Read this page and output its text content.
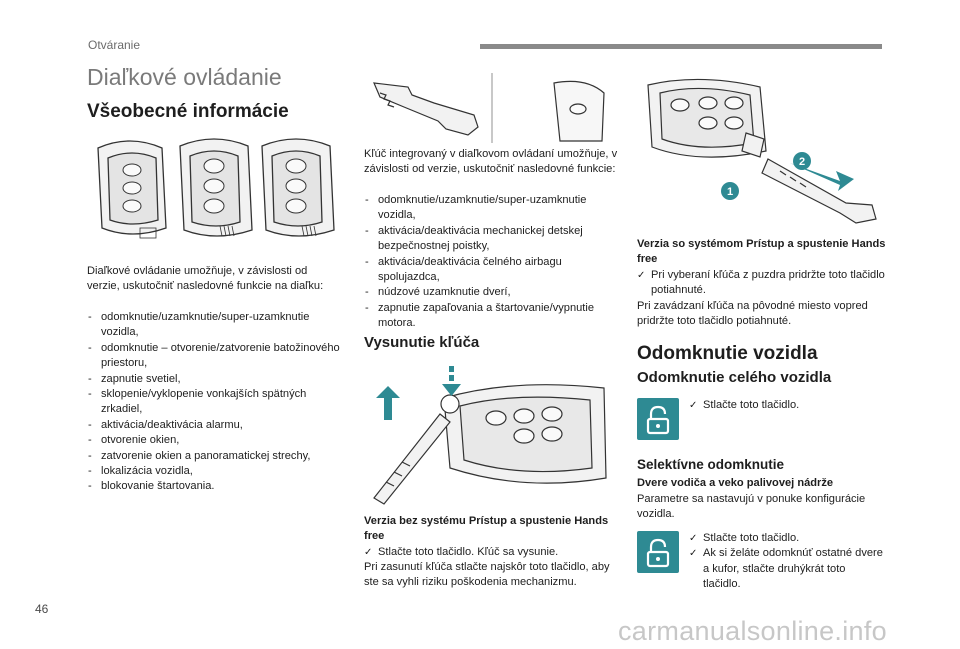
Otváranie
Diaľkové ovládanie
Všeobecné informácie
Diaľkové ovládanie umožňuje, v závislosti od verzie, uskutočniť nasledovné funkcie na diaľku:
- odomknutie/uzamknutie/super-uzamknutie vozidla,
- odomknutie – otvorenie/zatvorenie batožinového priestoru,
- zapnutie svetiel,
- sklopenie/vyklopenie vonkajších spätných zrkadiel,
- aktivácia/deaktivácia alarmu,
- otvorenie okien,
- zatvorenie okien a panoramatickej strechy,
- lokalizácia vozidla,
- blokovanie štartovania.
Kľúč integrovaný v diaľkovom ovládaní umožňuje, v závislosti od verzie, uskutočniť nasledovné funkcie:
- odomknutie/uzamknutie/super-uzamknutie vozidla,
- aktivácia/deaktivácia mechanickej detskej bezpečnostnej poistky,
- aktivácia/deaktivácia čelného airbagu spolujazdca,
- núdzové uzamknutie dverí,
- zapnutie zapaľovania a štartovanie/vypnutie motora.
Vysunutie kľúča
Verzia bez systému Prístup a spustenie Hands free
✓ Stlačte toto tlačidlo. Kľúč sa vysunie.
Pri zasunutí kľúča stlačte najskôr toto tlačidlo, aby ste sa vyhli riziku poškodenia mechanizmu.
1
2
Verzia so systémom Prístup a spustenie Hands free
✓ Pri vyberaní kľúča z puzdra pridržte toto tlačidlo potiahnuté.
Pri zavádzaní kľúča na pôvodné miesto vopred pridržte toto tlačidlo potiahnuté.
Odomknutie vozidla
Odomknutie celého vozidla
✓ Stlačte toto tlačidlo.
Selektívne odomknutie
Dvere vodiča a veko palivovej nádrže
Parametre sa nastavujú v ponuke konfigurácie vozidla.
✓ Stlačte toto tlačidlo.
✓ Ak si želáte odomknúť ostatné dvere a kufor, stlačte druhýkrát toto tlačidlo.
46
carmanualsonline.info
